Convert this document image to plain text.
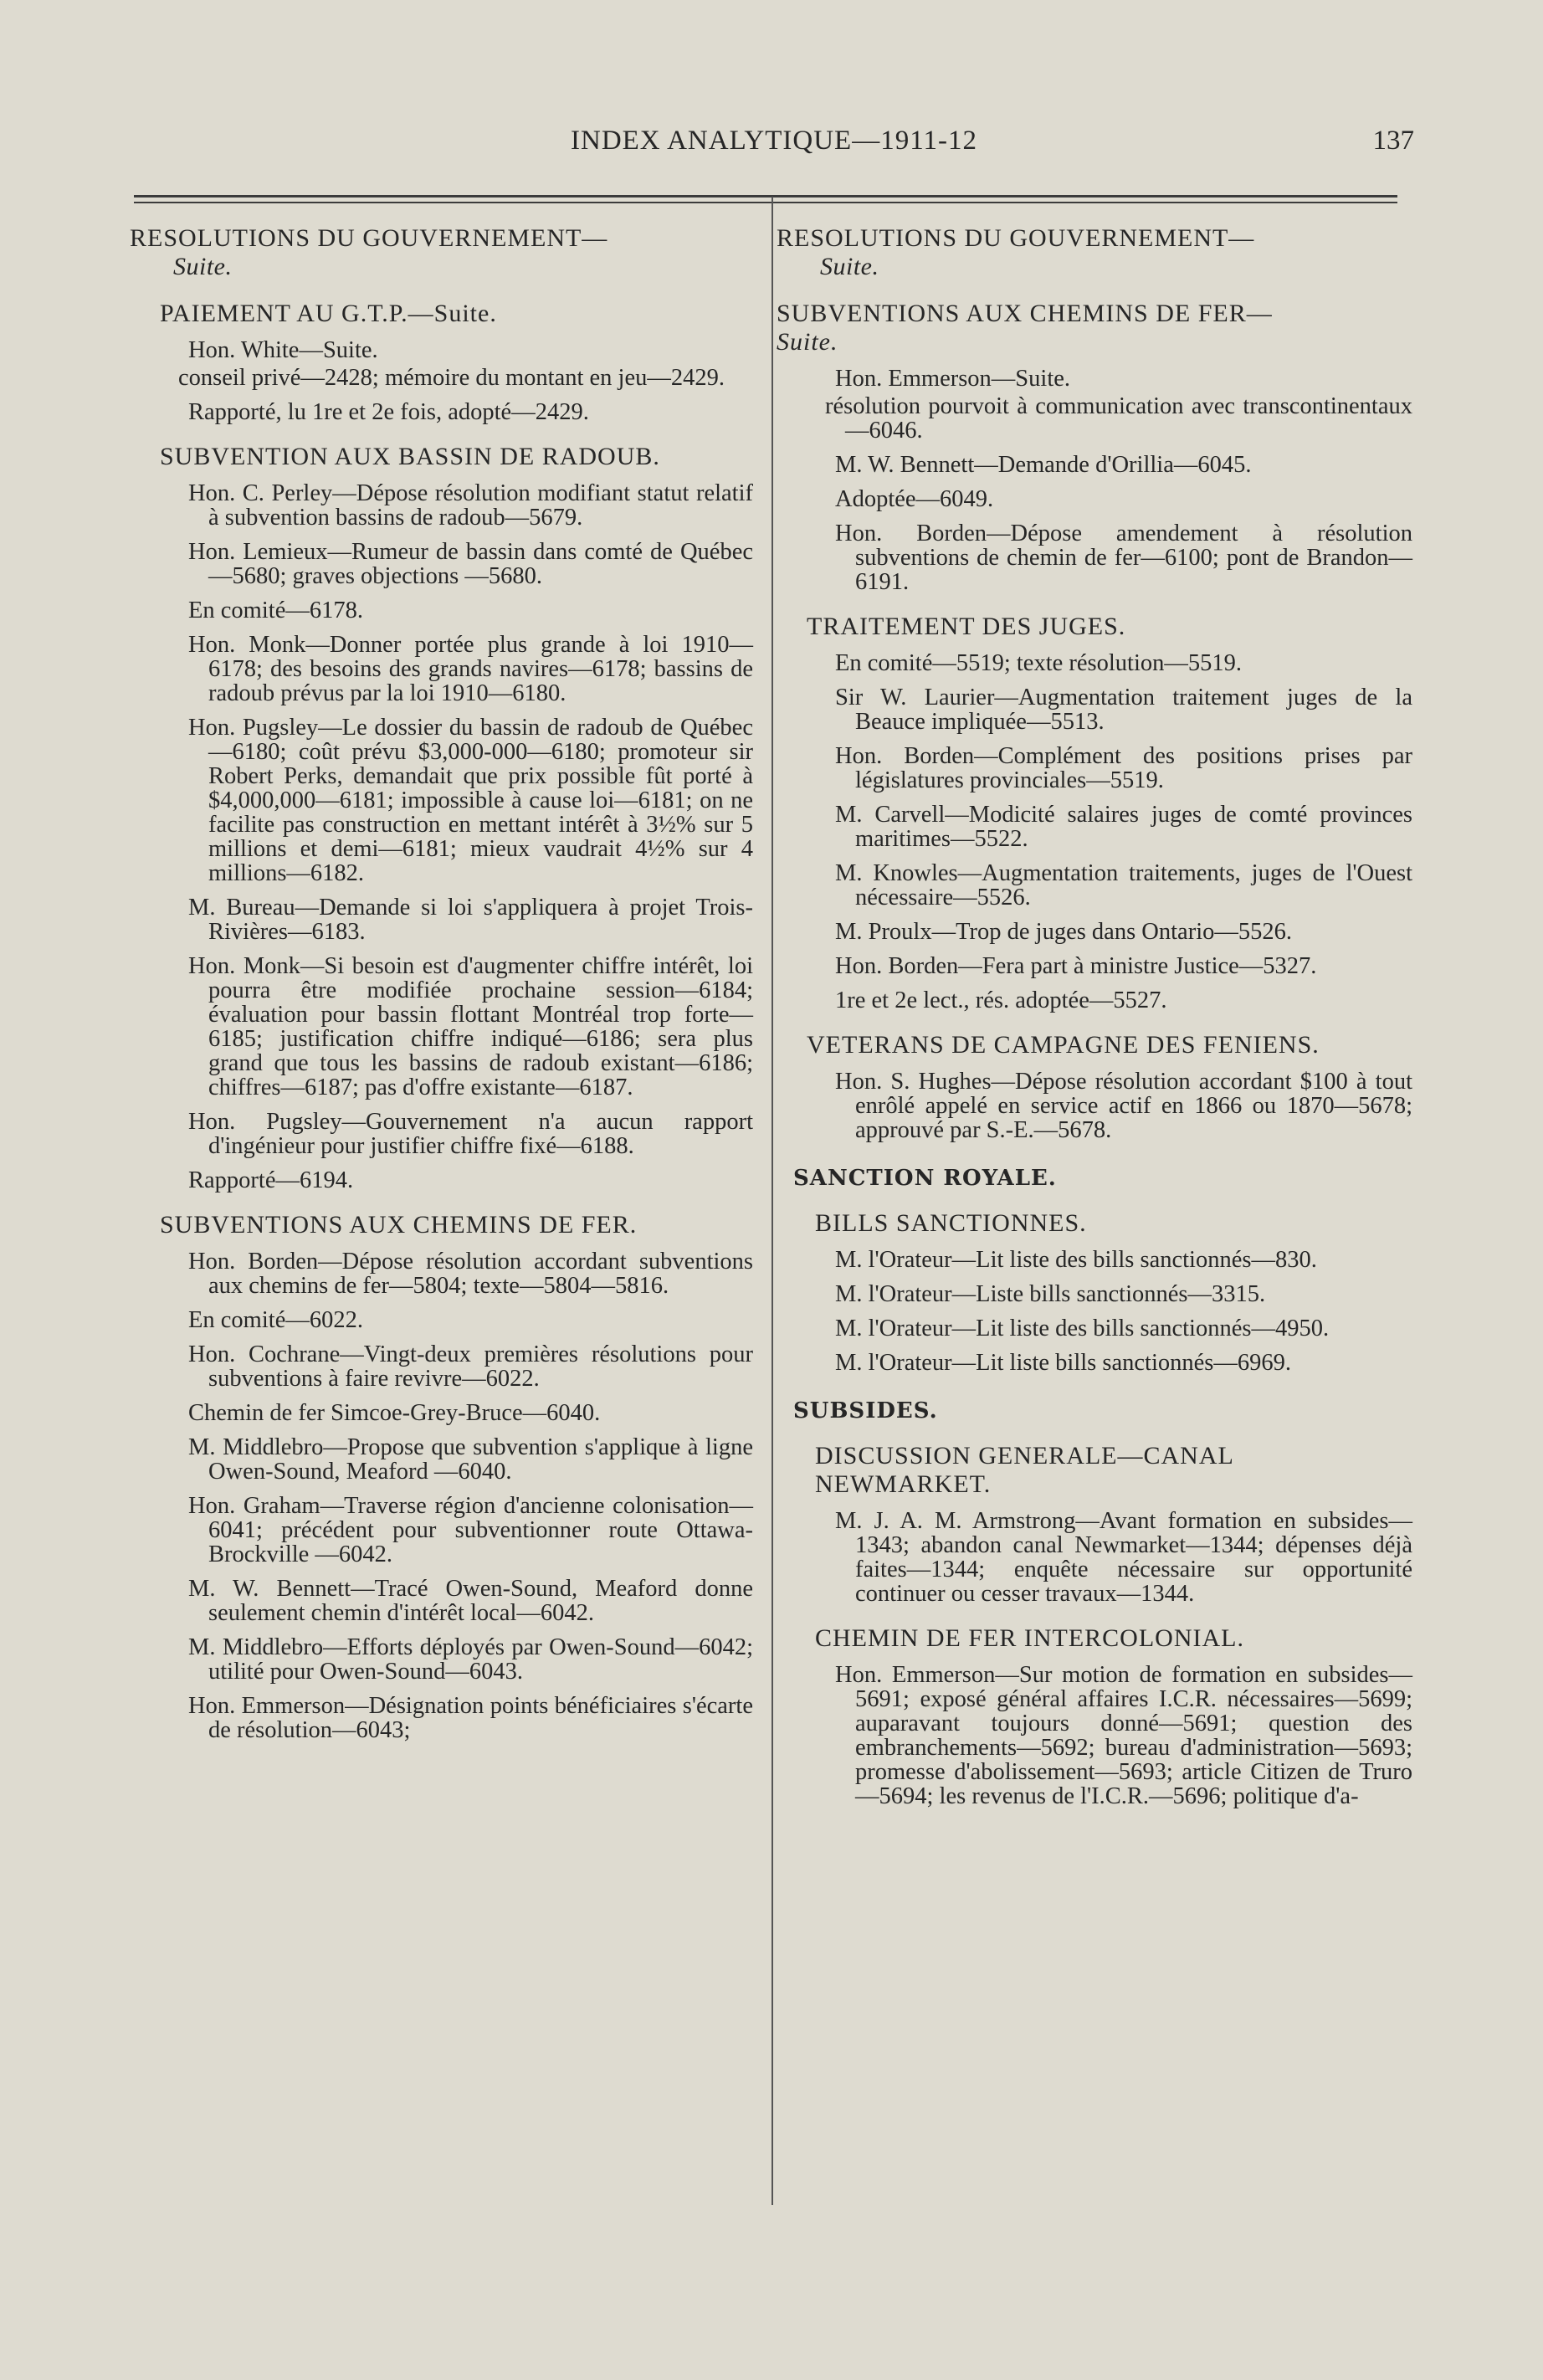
INDEX ANALYTIQUE—1911-12	137
RESOLUTIONS DU GOUVERNEMENT—
Suite.
PAIEMENT AU G.T.P.—Suite.
Hon. White—Suite.
conseil privé—2428; mémoire du montant en jeu—2429.
Rapporté, lu 1re et 2e fois, adopté—2429.
SUBVENTION AUX BASSIN DE RADOUB.
Hon. C. Perley—Dépose résolution modifiant statut relatif à subvention bassins de radoub—5679.
Hon. Lemieux—Rumeur de bassin dans comté de Québec—5680; graves objections —5680.
En comité—6178.
Hon. Monk—Donner portée plus grande à loi 1910—6178; des besoins des grands navires—6178; bassins de radoub prévus par la loi 1910—6180.
Hon. Pugsley—Le dossier du bassin de radoub de Québec—6180; coût prévu $3,000-000—6180; promoteur sir Robert Perks, demandait que prix possible fût porté à $4,000,000—6181; impossible à cause loi—6181; on ne facilite pas construction en mettant intérêt à 3½% sur 5 millions et demi—6181; mieux vaudrait 4½% sur 4 millions—6182.
M. Bureau—Demande si loi s'appliquera à projet Trois-Rivières—6183.
Hon. Monk—Si besoin est d'augmenter chiffre intérêt, loi pourra être modifiée prochaine session—6184; évaluation pour bassin flottant Montréal trop forte—6185; justification chiffre indiqué—6186; sera plus grand que tous les bassins de radoub existant—6186; chiffres—6187; pas d'offre existante—6187.
Hon. Pugsley—Gouvernement n'a aucun rapport d'ingénieur pour justifier chiffre fixé—6188.
Rapporté—6194.
SUBVENTIONS AUX CHEMINS DE FER.
Hon. Borden—Dépose résolution accordant subventions aux chemins de fer—5804; texte—5804—5816.
En comité—6022.
Hon. Cochrane—Vingt-deux premières résolutions pour subventions à faire revivre—6022.
Chemin de fer Simcoe-Grey-Bruce—6040.
M. Middlebro—Propose que subvention s'applique à ligne Owen-Sound, Meaford —6040.
Hon. Graham—Traverse région d'ancienne colonisation—6041; précédent pour subventionner route Ottawa-Brockville —6042.
M. W. Bennett—Tracé Owen-Sound, Meaford donne seulement chemin d'intérêt local—6042.
M. Middlebro—Efforts déployés par Owen-Sound—6042; utilité pour Owen-Sound—6043.
Hon. Emmerson—Désignation points bénéficiaires s'écarte de résolution—6043;
RESOLUTIONS DU GOUVERNEMENT—
Suite.
SUBVENTIONS AUX CHEMINS DE FER—
Suite.
Hon. Emmerson—Suite.
résolution pourvoit à communication avec transcontinentaux—6046.
M. W. Bennett—Demande d'Orillia—6045.
Adoptée—6049.
Hon. Borden—Dépose amendement à résolution subventions de chemin de fer—6100; pont de Brandon—6191.
TRAITEMENT DES JUGES.
En comité—5519; texte résolution—5519.
Sir W. Laurier—Augmentation traitement juges de la Beauce impliquée—5513.
Hon. Borden—Complément des positions prises par législatures provinciales—5519.
M. Carvell—Modicité salaires juges de comté provinces maritimes—5522.
M. Knowles—Augmentation traitements, juges de l'Ouest nécessaire—5526.
M. Proulx—Trop de juges dans Ontario—5526.
Hon. Borden—Fera part à ministre Justice—5327.
1re et 2e lect., rés. adoptée—5527.
VETERANS DE CAMPAGNE DES FENIENS.
Hon. S. Hughes—Dépose résolution accordant $100 à tout enrôlé appelé en service actif en 1866 ou 1870—5678; approuvé par S.-E.—5678.
SANCTION ROYALE.
BILLS SANCTIONNES.
M. l'Orateur—Lit liste des bills sanctionnés—830.
M. l'Orateur—Liste bills sanctionnés—3315.
M. l'Orateur—Lit liste des bills sanctionnés—4950.
M. l'Orateur—Lit liste bills sanctionnés—6969.
SUBSIDES.
DISCUSSION GENERALE—CANAL NEWMARKET.
M. J. A. M. Armstrong—Avant formation en subsides—1343; abandon canal Newmarket—1344; dépenses déjà faites—1344; enquête nécessaire sur opportunité continuer ou cesser travaux—1344.
CHEMIN DE FER INTERCOLONIAL.
Hon. Emmerson—Sur motion de formation en subsides—5691; exposé général affaires I.C.R. nécessaires—5699; auparavant toujours donné—5691; question des embranchements—5692; bureau d'administration—5693; promesse d'abolissement—5693; article Citizen de Truro—5694; les revenus de l'I.C.R.—5696; politique d'a-
